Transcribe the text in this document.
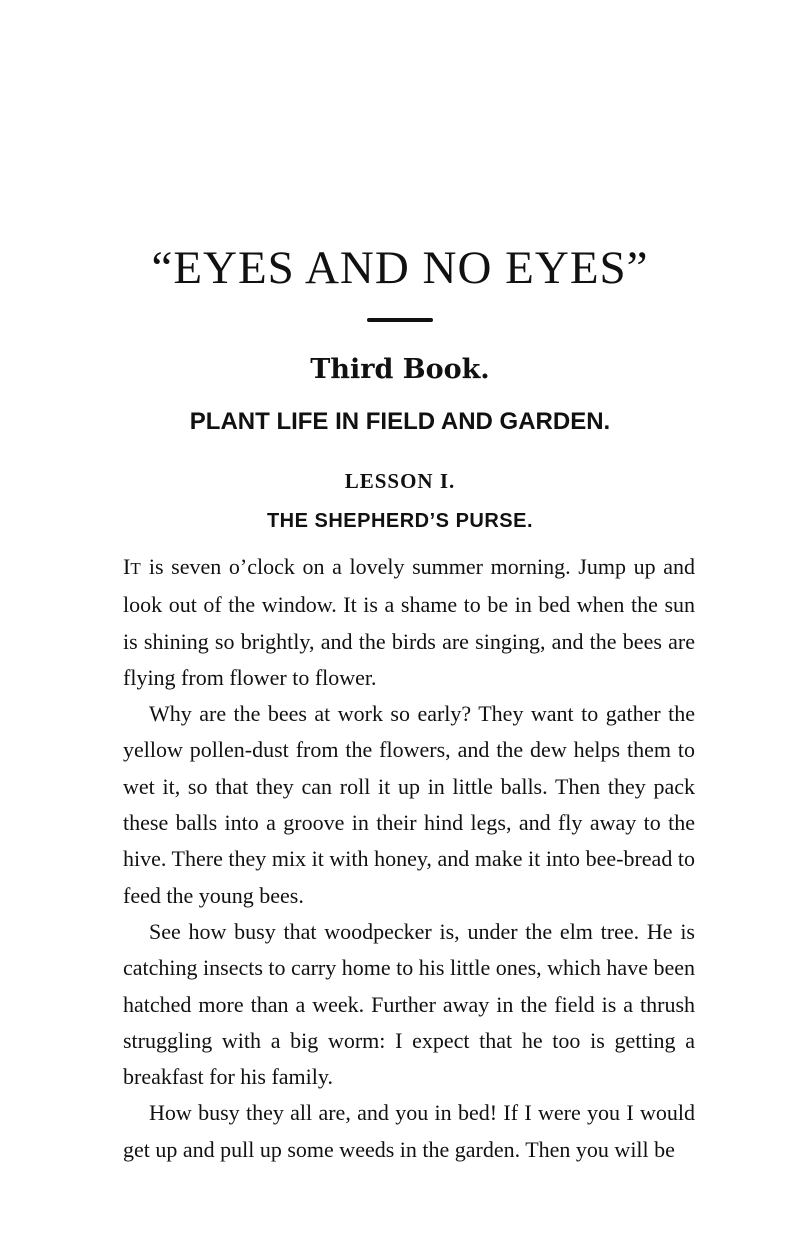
“EYES AND NO EYES”
Third Book.
PLANT LIFE IN FIELD AND GARDEN.
LESSON I.
THE SHEPHERD’S PURSE.

IT is seven o’clock on a lovely summer morning. Jump up and look out of the window. It is a shame to be in bed when the sun is shining so brightly, and the birds are singing, and the bees are flying from flower to flower.

Why are the bees at work so early? They want to gather the yellow pollen-dust from the flowers, and the dew helps them to wet it, so that they can roll it up in little balls. Then they pack these balls into a groove in their hind legs, and fly away to the hive. There they mix it with honey, and make it into bee-bread to feed the young bees.

See how busy that woodpecker is, under the elm tree. He is catching insects to carry home to his little ones, which have been hatched more than a week. Further away in the field is a thrush struggling with a big worm: I expect that he too is getting a breakfast for his family.

How busy they all are, and you in bed! If I were you I would get up and pull up some weeds in the garden. Then you will be
